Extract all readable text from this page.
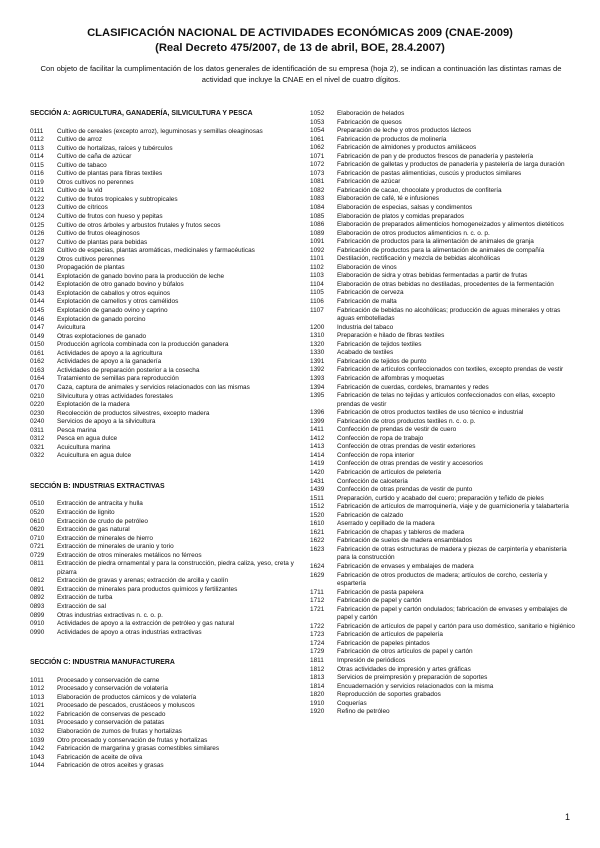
CLASIFICACIÓN NACIONAL DE ACTIVIDADES ECONÓMICAS 2009 (CNAE-2009)
(Real Decreto 475/2007, de 13 de abril, BOE, 28.4.2007)
Con objeto de facilitar la cumplimentación de los datos generales de identificación de su empresa (hoja 2), se indican a continuación las distintas ramas de actividad que incluye la CNAE en el nivel de cuatro dígitos.
SECCIÓN A: AGRICULTURA, GANADERÍA, SILVICULTURA Y PESCA
0111	Cultivo de cereales (excepto arroz), leguminosas y semillas oleaginosas
0112	Cultivo de arroz
0113	Cultivo de hortalizas, raíces y tubérculos
0114	Cultivo de caña de azúcar
0115	Cultivo de tabaco
0116	Cultivo de plantas para fibras textiles
0119	Otros cultivos no perennes
0121	Cultivo de la vid
0122	Cultivo de frutos tropicales y subtropicales
0123	Cultivo de cítricos
0124	Cultivo de frutos con hueso y pepitas
0125	Cultivo de otros árboles y arbustos frutales y frutos secos
0126	Cultivo de frutos oleaginosos
0127	Cultivo de plantas para bebidas
0128	Cultivo de especias, plantas aromáticas, medicinales y farmacéuticas
0129	Otros cultivos perennes
0130	Propagación de plantas
0141	Explotación de ganado bovino para la producción de leche
0142	Explotación de otro ganado bovino y búfalos
0143	Explotación de caballos y otros equinos
0144	Explotación de camellos y otros camélidos
0145	Explotación de ganado ovino y caprino
0146	Explotación de ganado porcino
0147	Avicultura
0149	Otras explotaciones de ganado
0150	Producción agrícola combinada con la producción ganadera
0161	Actividades de apoyo a la agricultura
0162	Actividades de apoyo a la ganadería
0163	Actividades de preparación posterior a la cosecha
0164	Tratamiento de semillas para reproducción
0170	Caza, captura de animales y servicios relacionados con las mismas
0210	Silvicultura y otras actividades forestales
0220	Explotación de la madera
0230	Recolección de productos silvestres, excepto madera
0240	Servicios de apoyo a la silvicultura
0311	Pesca marina
0312	Pesca en agua dulce
0321	Acuicultura marina
0322	Acuicultura en agua dulce
SECCIÓN B: INDUSTRIAS EXTRACTIVAS
0510	Extracción de antracita y hulla
0520	Extracción de lignito
0610	Extracción de crudo de petróleo
0620	Extracción de gas natural
0710	Extracción de minerales de hierro
0721	Extracción de minerales de uranio y torio
0729	Extracción de otros minerales metálicos no férreos
0811	Extracción de piedra ornamental y para la construcción, piedra caliza, yeso, creta y pizarra
0812	Extracción de gravas y arenas; extracción de arcilla y caolín
0891	Extracción de minerales para productos químicos y fertilizantes
0892	Extracción de turba
0893	Extracción de sal
0899	Otras industrias extractivas n. c. o. p.
0910	Actividades de apoyo a la extracción de petróleo y gas natural
0990	Actividades de apoyo a otras industrias extractivas
SECCIÓN C: INDUSTRIA MANUFACTURERA
1011	Procesado y conservación de carne
1012	Procesado y conservación de volatería
1013	Elaboración de productos cárnicos y de volatería
1021	Procesado de pescados, crustáceos y moluscos
1022	Fabricación de conservas de pescado
1031	Procesado y conservación de patatas
1032	Elaboración de zumos de frutas y hortalizas
1039	Otro procesado y conservación de frutas y hortalizas
1042	Fabricación de margarina y grasas comestibles similares
1043	Fabricación de aceite de oliva
1044	Fabricación de otros aceites y grasas
1052	Elaboración de helados
1053	Fabricación de quesos
1054	Preparación de leche y otros productos lácteos
1061	Fabricación de productos de molinería
1062	Fabricación de almidones y productos amiláceos
1071	Fabricación de pan y de productos frescos de panadería y pastelería
1072	Fabricación de galletas y productos de panadería y pastelería de larga duración
1073	Fabricación de pastas alimenticias, cuscús y productos similares
1081	Fabricación de azúcar
1082	Fabricación de cacao, chocolate y productos de confitería
1083	Elaboración de café, té e infusiones
1084	Elaboración de especias, salsas y condimentos
1085	Elaboración de platos y comidas preparados
1086	Elaboración de preparados alimenticios homogeneizados y alimentos dietéticos
1089	Elaboración de otros productos alimenticios n. c. o. p.
1091	Fabricación de productos para la alimentación de animales de granja
1092	Fabricación de productos para la alimentación de animales de compañía
1101	Destilación, rectificación y mezcla de bebidas alcohólicas
1102	Elaboración de vinos
1103	Elaboración de sidra y otras bebidas fermentadas a partir de frutas
1104	Elaboración de otras bebidas no destiladas, procedentes de la fermentación
1105	Fabricación de cerveza
1106	Fabricación de malta
1107	Fabricación de bebidas no alcohólicas; producción de aguas minerales y otras aguas embotelladas
1200	Industria del tabaco
1310	Preparación e hilado de fibras textiles
1320	Fabricación de tejidos textiles
1330	Acabado de textiles
1391	Fabricación de tejidos de punto
1392	Fabricación de artículos confeccionados con textiles, excepto prendas de vestir
1393	Fabricación de alfombras y moquetas
1394	Fabricación de cuerdas, cordeles, bramantes y redes
1395	Fabricación de telas no tejidas y artículos confeccionados con ellas, excepto prendas de vestir
1396	Fabricación de otros productos textiles de uso técnico e industrial
1399	Fabricación de otros productos textiles n. c. o. p.
1411	Confección de prendas de vestir de cuero
1412	Confección de ropa de trabajo
1413	Confección de otras prendas de vestir exteriores
1414	Confección de ropa interior
1419	Confección de otras prendas de vestir y accesorios
1420	Fabricación de artículos de peletería
1431	Confección de calcetería
1439	Confección de otras prendas de vestir de punto
1511	Preparación, curtido y acabado del cuero; preparación y teñido de pieles
1512	Fabricación de artículos de marroquinería, viaje y de guarnicionería y talabartería
1520	Fabricación de calzado
1610	Aserrado y cepillado de la madera
1621	Fabricación de chapas y tableros de madera
1622	Fabricación de suelos de madera ensamblados
1623	Fabricación de otras estructuras de madera y piezas de carpintería y ebanistería para la construcción
1624	Fabricación de envases y embalajes de madera
1629	Fabricación de otros productos de madera; artículos de corcho, cestería y espartería
1711	Fabricación de pasta papelera
1712	Fabricación de papel y cartón
1721	Fabricación de papel y cartón ondulados; fabricación de envases y embalajes de papel y cartón
1722	Fabricación de artículos de papel y cartón para uso doméstico, sanitario e higiénico
1723	Fabricación de artículos de papelería
1724	Fabricación de papeles pintados
1729	Fabricación de otros artículos de papel y cartón
1811	Impresión de periódicos
1812	Otras actividades de impresión y artes gráficas
1813	Servicios de preimpresión y preparación de soportes
1814	Encuadernación y servicios relacionados con la misma
1820	Reproducción de soportes grabados
1910	Coquerías
1920	Refino de petróleo
1
